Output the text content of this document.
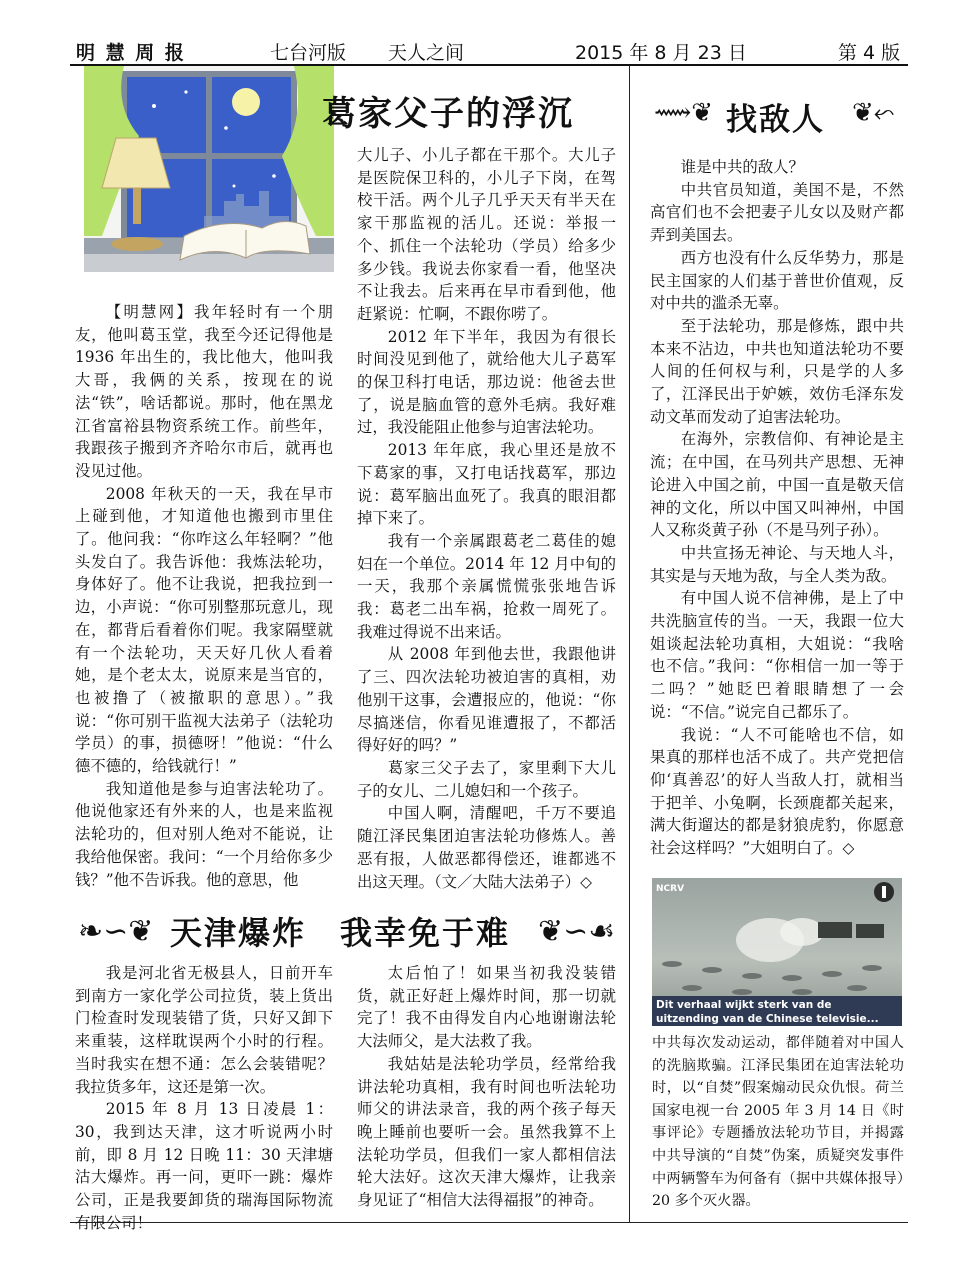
明 慧 周 报	七台河版 天人之间	2015 年 8 月 23 日	第 4 版
葛家父子的浮沉

【明慧网】我年轻时有一个朋友，他叫葛玉堂，我至今还记得他是 1936 年出生的，我比他大，他叫我大哥，我俩的关系，按现在的说法“铁”，啥话都说。那时，他在黑龙江省富裕县物资系统工作。前些年，我跟孩子搬到齐齐哈尔市后，就再也没见过他。

2008 年秋天的一天，我在早市上碰到他，才知道他也搬到市里住了。他问我：“你咋这么年轻啊？”他头发白了。我告诉他：我炼法轮功，身体好了。他不让我说，把我拉到一边，小声说：“你可别整那玩意儿，现在，都背后看着你们呢。我家隔壁就有一个法轮功，天天好几伙人看着她，是个老太太，说原来是当官的，也被撸了（被撤职的意思）。”我说：“你可别干监视大法弟子（法轮功学员）的事，损德呀！”他说：“什么德不德的，给钱就行！”

我知道他是参与迫害法轮功了。他说他家还有外来的人，也是来监视法轮功的，但对别人绝对不能说，让我给他保密。我问：“一个月给你多少钱？”他不告诉我。他的意思，他

大儿子、小儿子都在干那个。大儿子是医院保卫科的，小儿子下岗，在驾校干活。两个儿子几乎天天有半天在家干那监视的活儿。还说：举报一个、抓住一个法轮功（学员）给多少多少钱。我说去你家看一看，他坚决不让我去。后来再在早市看到他，他赶紧说：忙啊，不跟你唠了。

2012 年下半年，我因为有很长时间没见到他了，就给他大儿子葛军的保卫科打电话，那边说：他爸去世了，说是脑血管的意外毛病。我好难过，我没能阻止他参与迫害法轮功。

2013 年年底，我心里还是放不下葛家的事，又打电话找葛军，那边说：葛军脑出血死了。我真的眼泪都掉下来了。

我有一个亲属跟葛老二葛佳的媳妇在一个单位。2014 年 12 月中旬的一天，我那个亲属慌慌张张地告诉我：葛老二出车祸，抢救一周死了。我难过得说不出来话。

从 2008 年到他去世，我跟他讲了三、四次法轮功被迫害的真相，劝他别干这事，会遭报应的，他说：“你尽搞迷信，你看见谁遭报了，不都活得好好的吗？”

葛家三父子去了，家里剩下大儿子的女儿、二儿媳妇和一个孩子。

中国人啊，清醒吧，千万不要追随江泽民集团迫害法轮功修炼人。善恶有报，人做恶都得偿还，谁都逃不出这天理。（文／大陆大法弟子）◇

⟿❦ 找敌人 ❦⬿

谁是中共的敌人？

中共官员知道，美国不是，不然高官们也不会把妻子儿女以及财产都弄到美国去。

西方也没有什么反华势力，那是民主国家的人们基于普世价值观，反对中共的滥杀无辜。

至于法轮功，那是修炼，跟中共本来不沾边，中共也知道法轮功不要人间的任何权与利，只是学的人多了，江泽民出于妒嫉，效仿毛泽东发动文革而发动了迫害法轮功。

在海外，宗教信仰、有神论是主流；在中国，在马列共产思想、无神论进入中国之前，中国一直是敬天信神的文化，所以中国又叫神州，中国人又称炎黄子孙（不是马列子孙）。

中共宣扬无神论、与天地人斗，其实是与天地为敌，与全人类为敌。

有中国人说不信神佛，是上了中共洗脑宣传的当。一天，我跟一位大姐谈起法轮功真相，大姐说：“我啥也不信。”我问：“你相信一加一等于二吗？”她眨巴着眼睛想了一会说：“不信。”说完自己都乐了。

我说：“人不可能啥也不信，如果真的那样也活不成了。共产党把信仰‘真善忍’的好人当敌人打，就相当于把羊、小兔啊，长颈鹿都关起来，满大街遛达的都是豺狼虎豹，你愿意社会这样吗？”大姐明白了。◇

❧∽❦ 天津爆炸　我幸免于难 ❦∽☙

我是河北省无极县人，日前开车到南方一家化学公司拉货，装上货出门检查时发现装错了货，只好又卸下来重装，这样耽误两个小时的行程。当时我实在想不通：怎么会装错呢？我拉货多年，这还是第一次。

2015 年 8 月 13 日凌晨 1：30，我到达天津，这才听说两小时前，即 8 月 12 日晚 11：30 天津塘沽大爆炸。再一问，更吓一跳：爆炸公司，正是我要卸货的瑞海国际物流有限公司！

太后怕了！如果当初我没装错货，就正好赶上爆炸时间，那一切就完了！我不由得发自内心地谢谢法轮大法师父，是大法救了我。

我姑姑是法轮功学员，经常给我讲法轮功真相，我有时间也听法轮功师父的讲法录音，我的两个孩子每天晚上睡前也要听一会。虽然我算不上法轮功学员，但我们一家人都相信法轮大法好。这次天津大爆炸，让我亲身见证了“相信大法得福报”的神奇。

NCRV
Dit verhaal wijkt sterk van de uitzending van de Chinese televisie...
中共每次发动运动，都伴随着对中国人的洗脑欺骗。江泽民集团在迫害法轮功时，以“自焚”假案煽动民众仇恨。荷兰国家电视一台 2005 年 3 月 14 日《时事评论》专题播放法轮功节目，并揭露中共导演的“自焚”伪案，质疑突发事件中两辆警车为何备有（据中共媒体报导）20 多个灭火器。
